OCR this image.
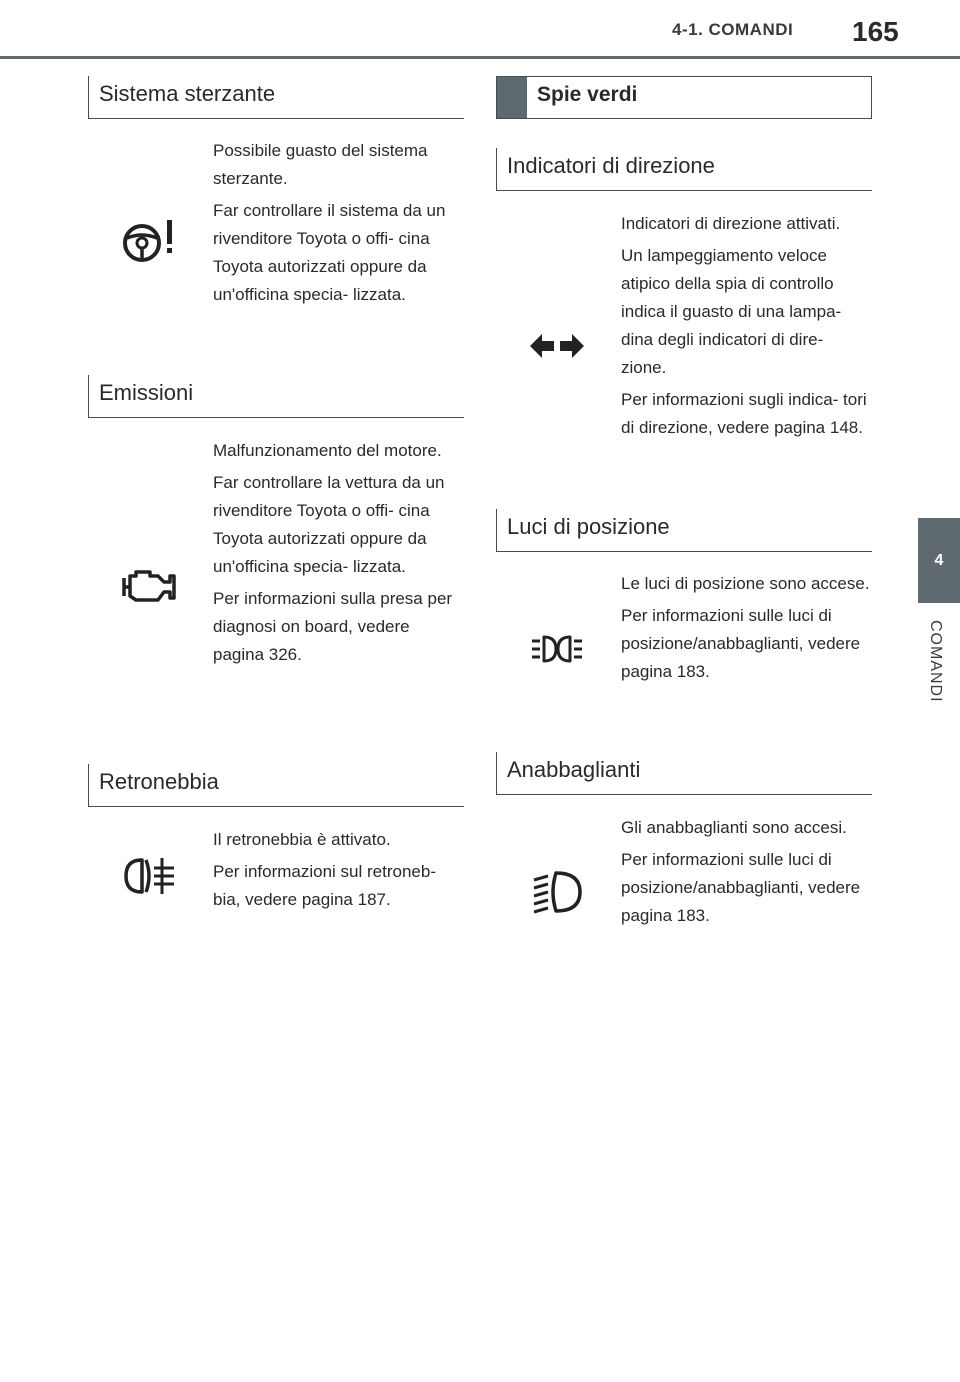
4-1. COMANDI 165
4
COMANDI
Sistema sterzante

Possibile guasto del sistema sterzante.

Far controllare il sistema da un rivenditore Toyota o offi- cina Toyota autorizzati oppure da un'officina specia- lizzata.

Emissioni

Malfunzionamento del motore.

Far controllare la vettura da un rivenditore Toyota o offi- cina Toyota autorizzati oppure da un'officina specia- lizzata.

Per informazioni sulla presa per diagnosi on board, vedere pagina 326.

Retronebbia

Il retronebbia è attivato.

Per informazioni sul retroneb- bia, vedere pagina 187.

Spie verdi
Indicatori di direzione

Indicatori di direzione attivati.

Un lampeggiamento veloce atipico della spia di controllo indica il guasto di una lampa- dina degli indicatori di dire- zione.

Per informazioni sugli indica- tori di direzione, vedere pagina 148.

Luci di posizione

Le luci di posizione sono accese.

Per informazioni sulle luci di posizione/anabbaglianti, vedere pagina 183.

Anabbaglianti

Gli anabbaglianti sono accesi.

Per informazioni sulle luci di posizione/anabbaglianti, vedere pagina 183.
